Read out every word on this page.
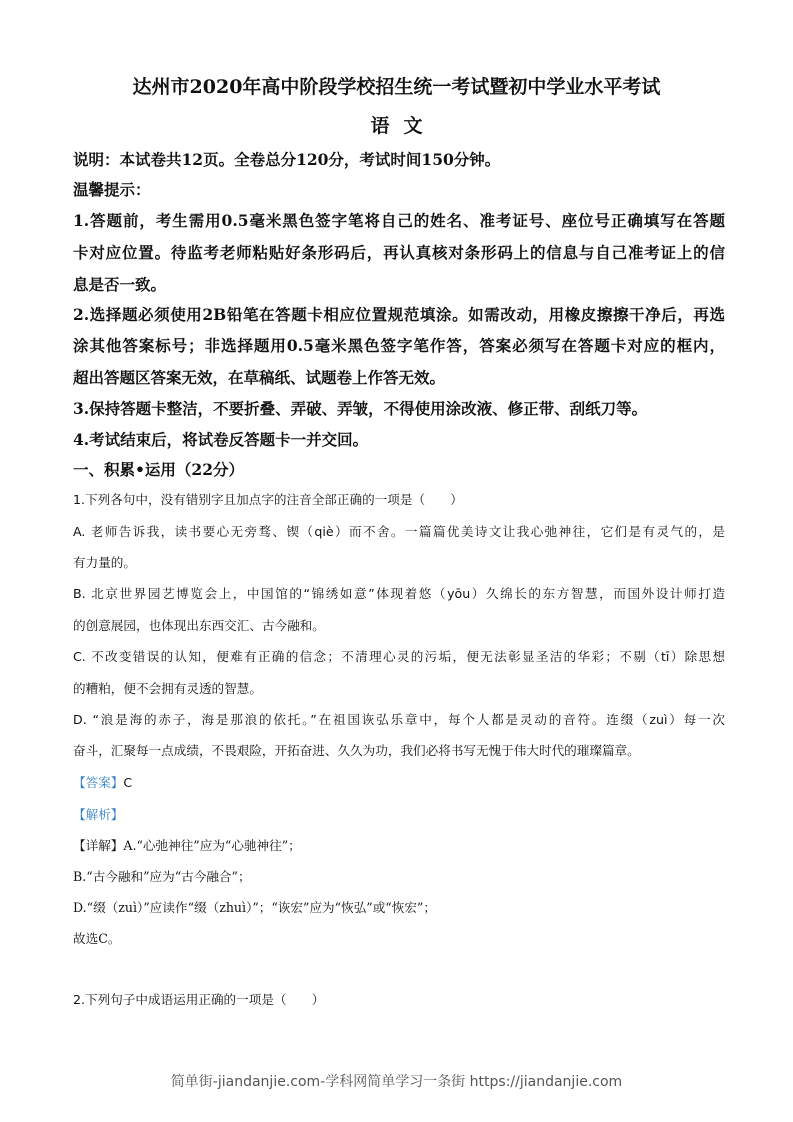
达州市2020年高中阶段学校招生统一考试暨初中学业水平考试
语文
说明：本试卷共12页。全卷总分120分，考试时间150分钟。
温馨提示：
1.答题前，考生需用0.5毫米黑色签字笔将自己的姓名、准考证号、座位号正确填写在答题
卡对应位置。待监考老师粘贴好条形码后，再认真核对条形码上的信息与自己准考证上的信
息是否一致。
2.选择题必须使用2B铅笔在答题卡相应位置规范填涂。如需改动，用橡皮擦擦干净后，再选
涂其他答案标号；非选择题用0.5毫米黑色签字笔作答，答案必须写在答题卡对应的框内，
超出答题区答案无效，在草稿纸、试题卷上作答无效。
3.保持答题卡整洁，不要折叠、弄破、弄皱，不得使用涂改液、修正带、刮纸刀等。
4.考试结束后，将试卷反答题卡一并交回。
一、积累•运用（22分）
1.下列各句中，没有错别字且加点字的注音全部正确的一项是（　　）
A. 老师告诉我，读书要心无旁骛、锲（qiè）而不舍。一篇篇优美诗文让我心弛神往，它们是有灵气的，是
有力量的。
B. 北京世界园艺博览会上，中国馆的“锦绣如意”体现着悠（yōu）久绵长的东方智慧，而国外设计师打造
的创意展园，也体现出东西交汇、古今融和。
C. 不改变错误的认知，便难有正确的信念；不清理心灵的污垢，便无法彰显圣洁的华彩；不剔（tī）除思想
的糟粕，便不会拥有灵透的智慧。
D. “浪是海的赤子，海是那浪的依托。”在祖国诙弘乐章中，每个人都是灵动的音符。连缀（zuì）每一次
奋斗，汇聚每一点成绩，不畏艰险，开拓奋进、久久为功，我们必将书写无愧于伟大时代的璀璨篇章。
【答案】C
【解析】
【详解】A.“心弛神往”应为“心驰神往”；
B.“古今融和”应为“古今融合”；
D.“缀（zuì）”应读作“缀（zhuì）”；“诙宏”应为“恢弘”或“恢宏”；
故选C。
2.下列句子中成语运用正确的一项是（　　）
简单街-jiandanjie.com-学科网简单学习一条街 https://jiandanjie.com
